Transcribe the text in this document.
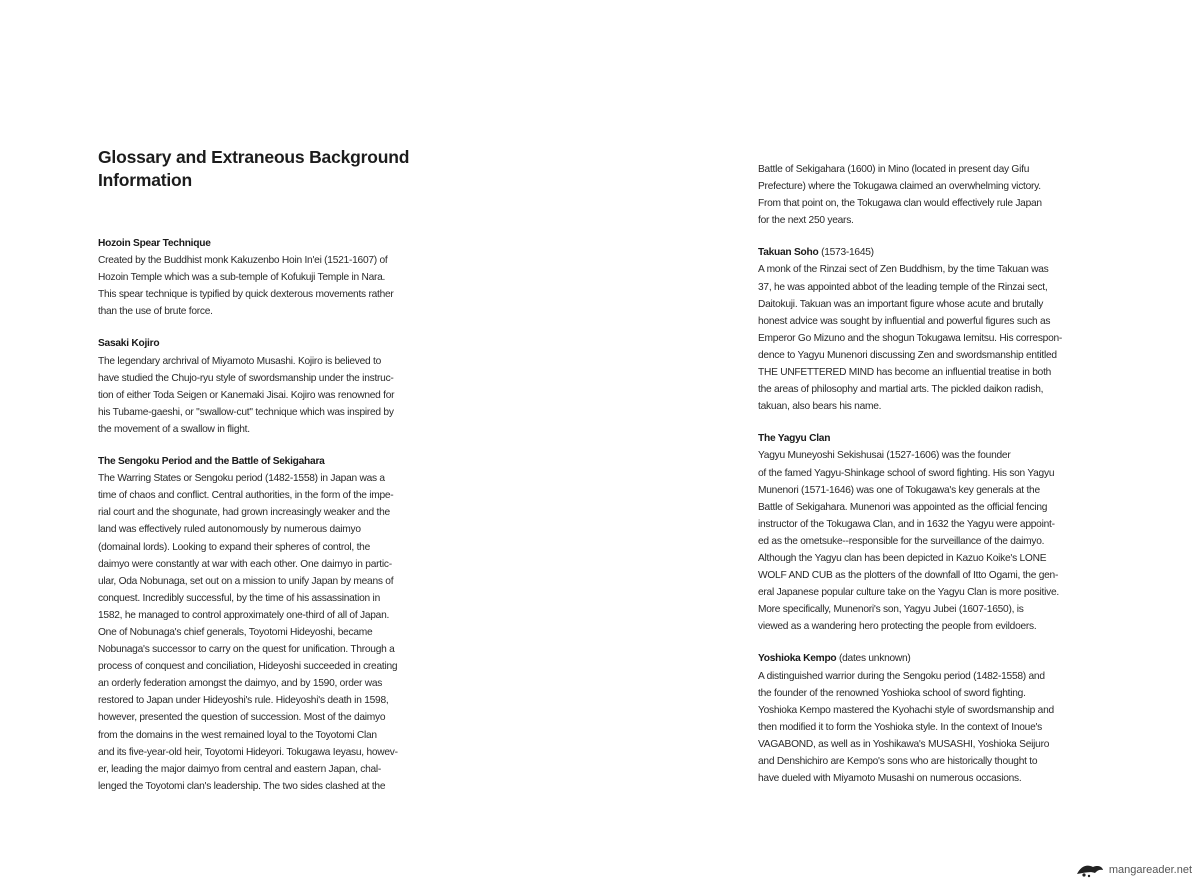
Glossary and Extraneous Background
Information

Hozoin Spear Technique

Created by the Buddhist monk Kakuzenbo Hoin In'ei (1521-1607) of
Hozoin Temple which was a sub-temple of Kofukuji Temple in Nara.
This spear technique is typified by quick dexterous movements rather
than the use of brute force.

Sasaki Kojiro

The legendary archrival of Miyamoto Musashi. Kojiro is believed to
have studied the Chujo-ryu style of swordsmanship under the instruc-
tion of either Toda Seigen or Kanemaki Jisai. Kojiro was renowned for
his Tubame-gaeshi, or "swallow-cut" technique which was inspired by
the movement of a swallow in flight.

The Sengoku Period and the Battle of Sekigahara

The Warring States or Sengoku period (1482-1558) in Japan was a
time of chaos and conflict. Central authorities, in the form of the impe-
rial court and the shogunate, had grown increasingly weaker and the
land was effectively ruled autonomously by numerous daimyo
(domainal lords). Looking to expand their spheres of control, the
daimyo were constantly at war with each other. One daimyo in partic-
ular, Oda Nobunaga, set out on a mission to unify Japan by means of
conquest. Incredibly successful, by the time of his assassination in
1582, he managed to control approximately one-third of all of Japan.
One of Nobunaga's chief generals, Toyotomi Hideyoshi, became
Nobunaga's successor to carry on the quest for unification. Through a
process of conquest and conciliation, Hideyoshi succeeded in creating
an orderly federation amongst the daimyo, and by 1590, order was
restored to Japan under Hideyoshi's rule. Hideyoshi's death in 1598,
however, presented the question of succession. Most of the daimyo
from the domains in the west remained loyal to the Toyotomi Clan
and its five-year-old heir, Toyotomi Hideyori. Tokugawa Ieyasu, howev-
er, leading the major daimyo from central and eastern Japan, chal-
lenged the Toyotomi clan's leadership. The two sides clashed at the
Battle of Sekigahara (1600) in Mino (located in present day Gifu
Prefecture) where the Tokugawa claimed an overwhelming victory.
From that point on, the Tokugawa clan would effectively rule Japan
for the next 250 years.

Takuan Soho (1573-1645)

A monk of the Rinzai sect of Zen Buddhism, by the time Takuan was
37, he was appointed abbot of the leading temple of the Rinzai sect,
Daitokuji. Takuan was an important figure whose acute and brutally
honest advice was sought by influential and powerful figures such as
Emperor Go Mizuno and the shogun Tokugawa Iemitsu. His correspon-
dence to Yagyu Munenori discussing Zen and swordsmanship entitled
THE UNFETTERED MIND has become an influential treatise in both
the areas of philosophy and martial arts. The pickled daikon radish,
takuan, also bears his name.

The Yagyu Clan

Yagyu Muneyoshi Sekishusai (1527-1606) was the founder
of the famed Yagyu-Shinkage school of sword fighting. His son Yagyu
Munenori (1571-1646) was one of Tokugawa's key generals at the
Battle of Sekigahara. Munenori was appointed as the official fencing
instructor of the Tokugawa Clan, and in 1632 the Yagyu were appoint-
ed as the ometsuke--responsible for the surveillance of the daimyo.
Although the Yagyu clan has been depicted in Kazuo Koike's LONE
WOLF AND CUB as the plotters of the downfall of Itto Ogami, the gen-
eral Japanese popular culture take on the Yagyu Clan is more positive.
More specifically, Munenori's son, Yagyu Jubei (1607-1650), is
viewed as a wandering hero protecting the people from evildoers.

Yoshioka Kempo (dates unknown)

A distinguished warrior during the Sengoku period (1482-1558) and
the founder of the renowned Yoshioka school of sword fighting.
Yoshioka Kempo mastered the Kyohachi style of swordsmanship and
then modified it to form the Yoshioka style. In the context of Inoue's
VAGABOND, as well as in Yoshikawa's MUSASHI, Yoshioka Seijuro
and Denshichiro are Kempo's sons who are historically thought to
have dueled with Miyamoto Musashi on numerous occasions.
mangareader.net
